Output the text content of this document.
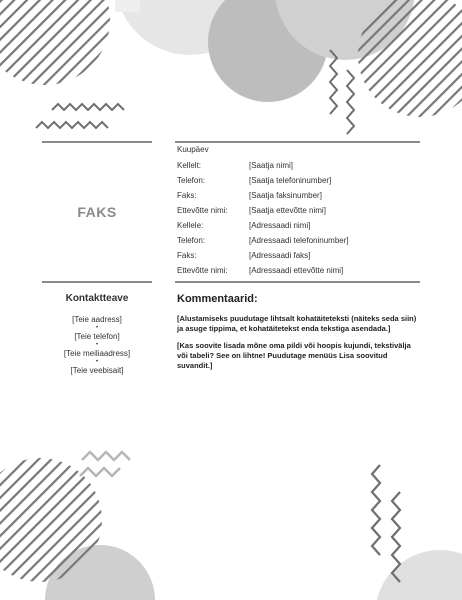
FAKS
Kuupäev
Kellelt:	[Saatja nimi]
Telefon:	[Saatja telefoninumber]
Faks:	[Saatja faksinumber]
Ettevõtte nimi:	[Saatja ettevõtte nimi]
Kellele:	[Adressaadi nimi]
Telefon:	[Adressaadi telefoninumber]
Faks:	[Adressaadi faks]
Ettevõtte nimi:	[Adressaadi ettevõtte nimi]
Kontaktteave
[Teie aadress]
•
[Teie telefon]
•
[Teie meiliaadress]
•
[Teie veebisait]
Kommentaarid:

[Alustamiseks puudutage lihtsalt kohatäiteteksti (näiteks seda siin) ja asuge tippima, et kohatäitetekst enda tekstiga asendada.]

[Kas soovite lisada mõne oma pildi või hoopis kujundi, tekstivälja või tabeli? See on lihtne! Puudutage menüüs Lisa soovitud suvandit.]
